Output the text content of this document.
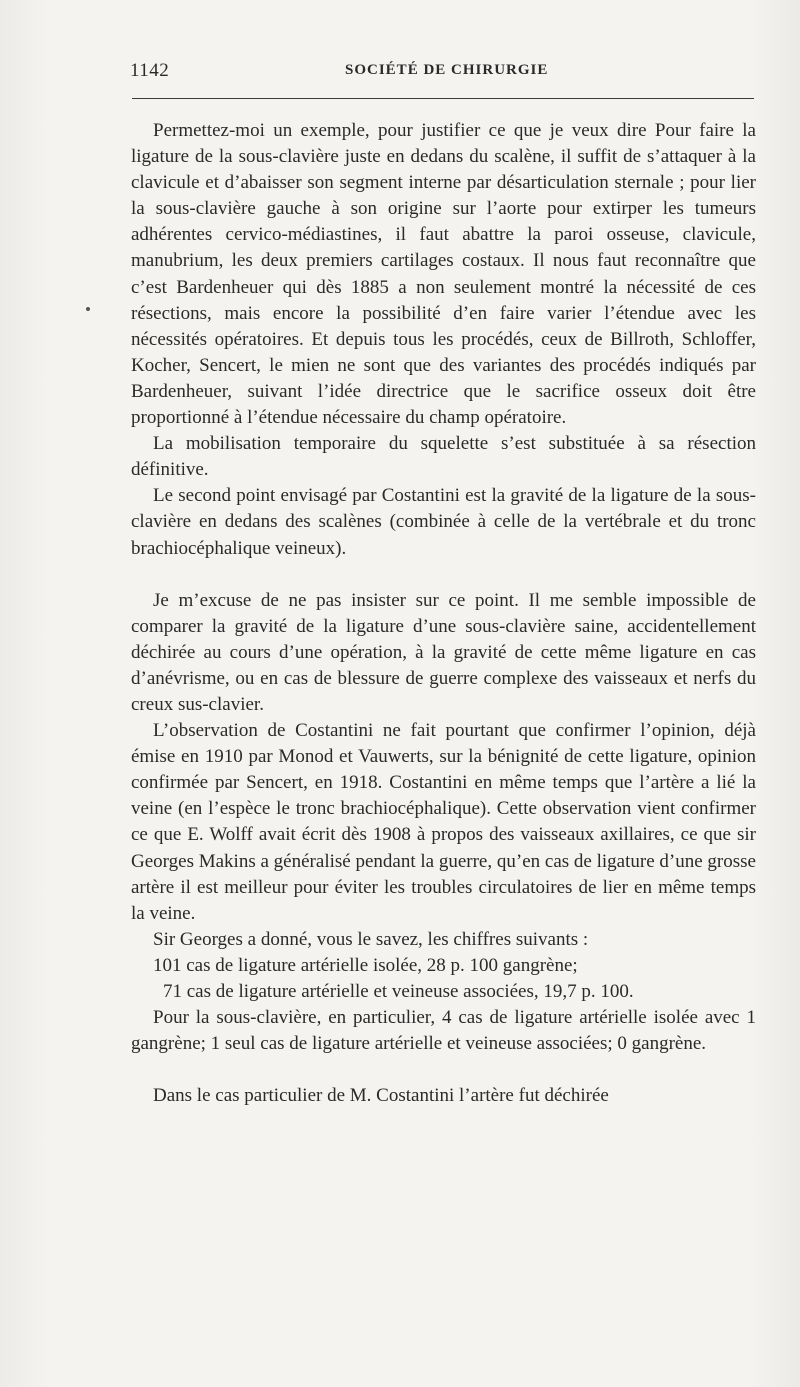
1142	SOCIÉTÉ DE CHIRURGIE

Permettez-moi un exemple, pour justifier ce que je veux dire Pour faire la ligature de la sous-clavière juste en dedans du scalène, il suffit de s’attaquer à la clavicule et d’abaisser son segment interne par désarticulation sternale ; pour lier la sous-clavière gauche à son origine sur l’aorte pour extirper les tumeurs adhérentes cervico-médiastines, il faut abattre la paroi osseuse, clavicule, manubrium, les deux premiers cartilages costaux. Il nous faut reconnaître que c’est Bardenheuer qui dès 1885 a non seulement montré la nécessité de ces résections, mais encore la possibilité d’en faire varier l’étendue avec les nécessités opératoires. Et depuis tous les procédés, ceux de Billroth, Schloffer, Kocher, Sencert, le mien ne sont que des variantes des procédés indiqués par Bardenheuer, suivant l’idée directrice que le sacrifice osseux doit être proportionné à l’étendue nécessaire du champ opératoire.

La mobilisation temporaire du squelette s’est substituée à sa résection définitive.

Le second point envisagé par Costantini est la gravité de la ligature de la sous-clavière en dedans des scalènes (combinée à celle de la vertébrale et du tronc brachiocéphalique veineux).

Je m’excuse de ne pas insister sur ce point. Il me semble impossible de comparer la gravité de la ligature d’une sous-clavière saine, accidentellement déchirée au cours d’une opération, à la gravité de cette même ligature en cas d’anévrisme, ou en cas de blessure de guerre complexe des vaisseaux et nerfs du creux sus-clavier.

L’observation de Costantini ne fait pourtant que confirmer l’opinion, déjà émise en 1910 par Monod et Vauwerts, sur la bénignité de cette ligature, opinion confirmée par Sencert, en 1918. Costantini en même temps que l’artère a lié la veine (en l’espèce le tronc brachiocéphalique). Cette observation vient confirmer ce que E. Wolff avait écrit dès 1908 à propos des vaisseaux axillaires, ce que sir Georges Makins a généralisé pendant la guerre, qu’en cas de ligature d’une grosse artère il est meilleur pour éviter les troubles circulatoires de lier en même temps la veine.

Sir Georges a donné, vous le savez, les chiffres suivants :

101 cas de ligature artérielle isolée, 28 p. 100 gangrène;

71 cas de ligature artérielle et veineuse associées, 19,7 p. 100.

Pour la sous-clavière, en particulier, 4 cas de ligature artérielle isolée avec 1 gangrène; 1 seul cas de ligature artérielle et veineuse associées; 0 gangrène.

Dans le cas particulier de M. Costantini l’artère fut déchirée
